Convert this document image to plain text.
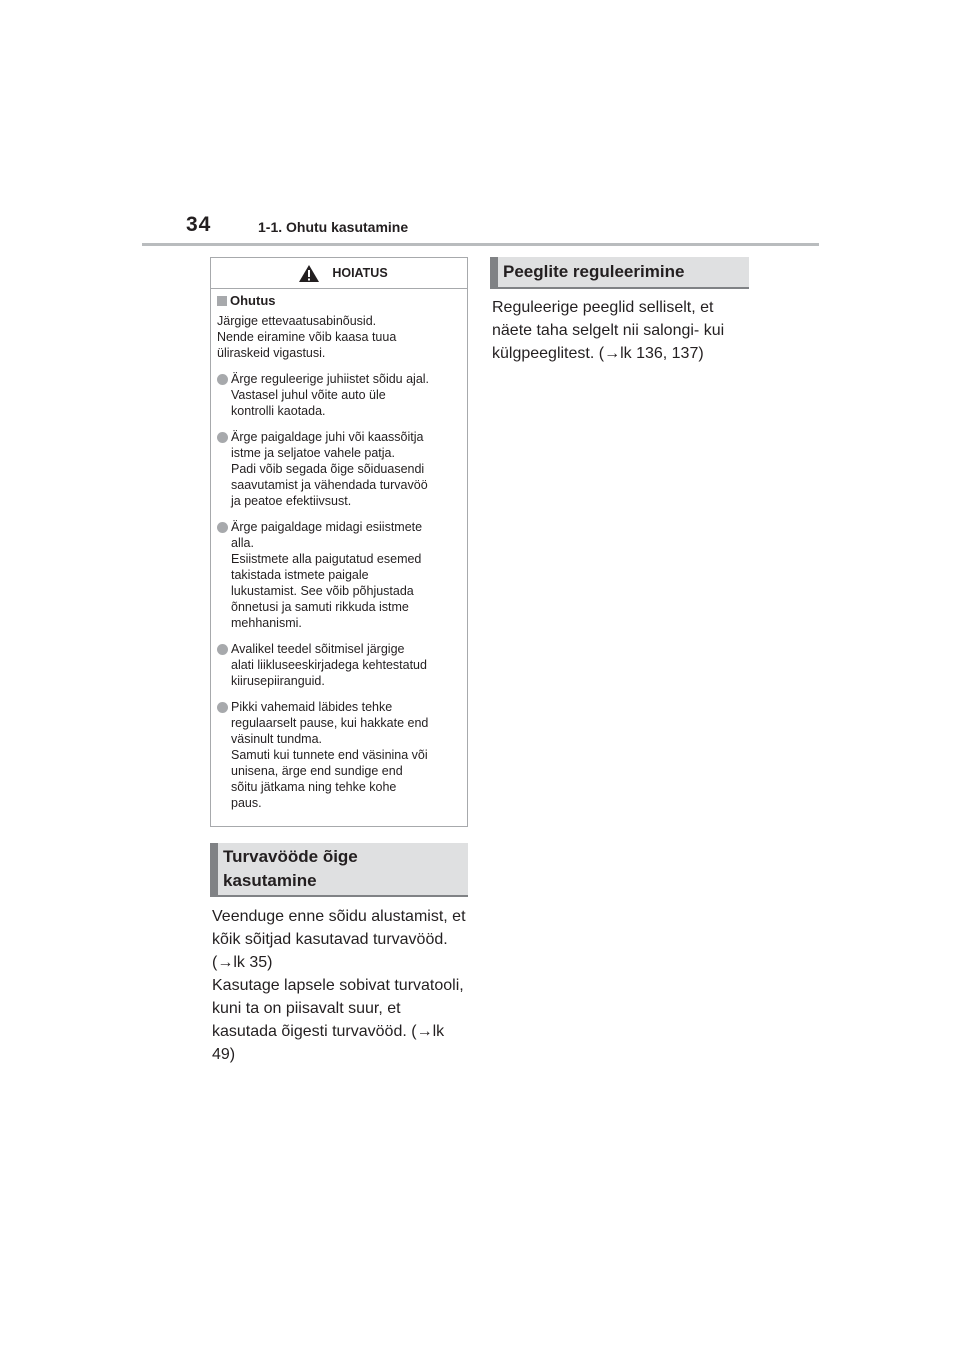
34	1-1. Ohutu kasutamine
HOIATUS
Ohutus
Järgige ettevaatusabinõusid.
Nende eiramine võib kaasa tuua
üliraskeid vigastusi.
Ärge reguleerige juhiistet sõidu ajal.
Vastasel juhul võite auto üle
kontrolli kaotada.
Ärge paigaldage juhi või kaassõitja
istme ja seljatoe vahele patja.
Padi võib segada õige sõiduasendi
saavutamist ja vähendada turvavöö
ja peatoe efektiivsust.
Ärge paigaldage midagi esiistmete
alla.
Esiistmete alla paigutatud esemed
takistada istmete paigale
lukustamist. See võib põhjustada
õnnetusi ja samuti rikkuda istme
mehhanismi.
Avalikel teedel sõitmisel järgige
alati liikluseeskirjadega kehtestatud
kiirusepiiranguid.
Pikki vahemaid läbides tehke
regulaarselt pause, kui hakkate end
väsinult tundma.
Samuti kui tunnete end väsinina või
unisena, ärge end sundige end
sõitu jätkama ning tehke kohe
paus.
Turvavööde õige
kasutamine
Veenduge enne sõidu alustamist, et
kõik sõitjad kasutavad turvavööd.
(→lk 35)
Kasutage lapsele sobivat turvatooli,
kuni ta on piisavalt suur, et
kasutada õigesti turvavööd. (→lk
49)
Peeglite reguleerimine
Reguleerige peeglid selliselt, et
näete taha selgelt nii salongi- kui
külgpeeglitest. (→lk 136, 137)
